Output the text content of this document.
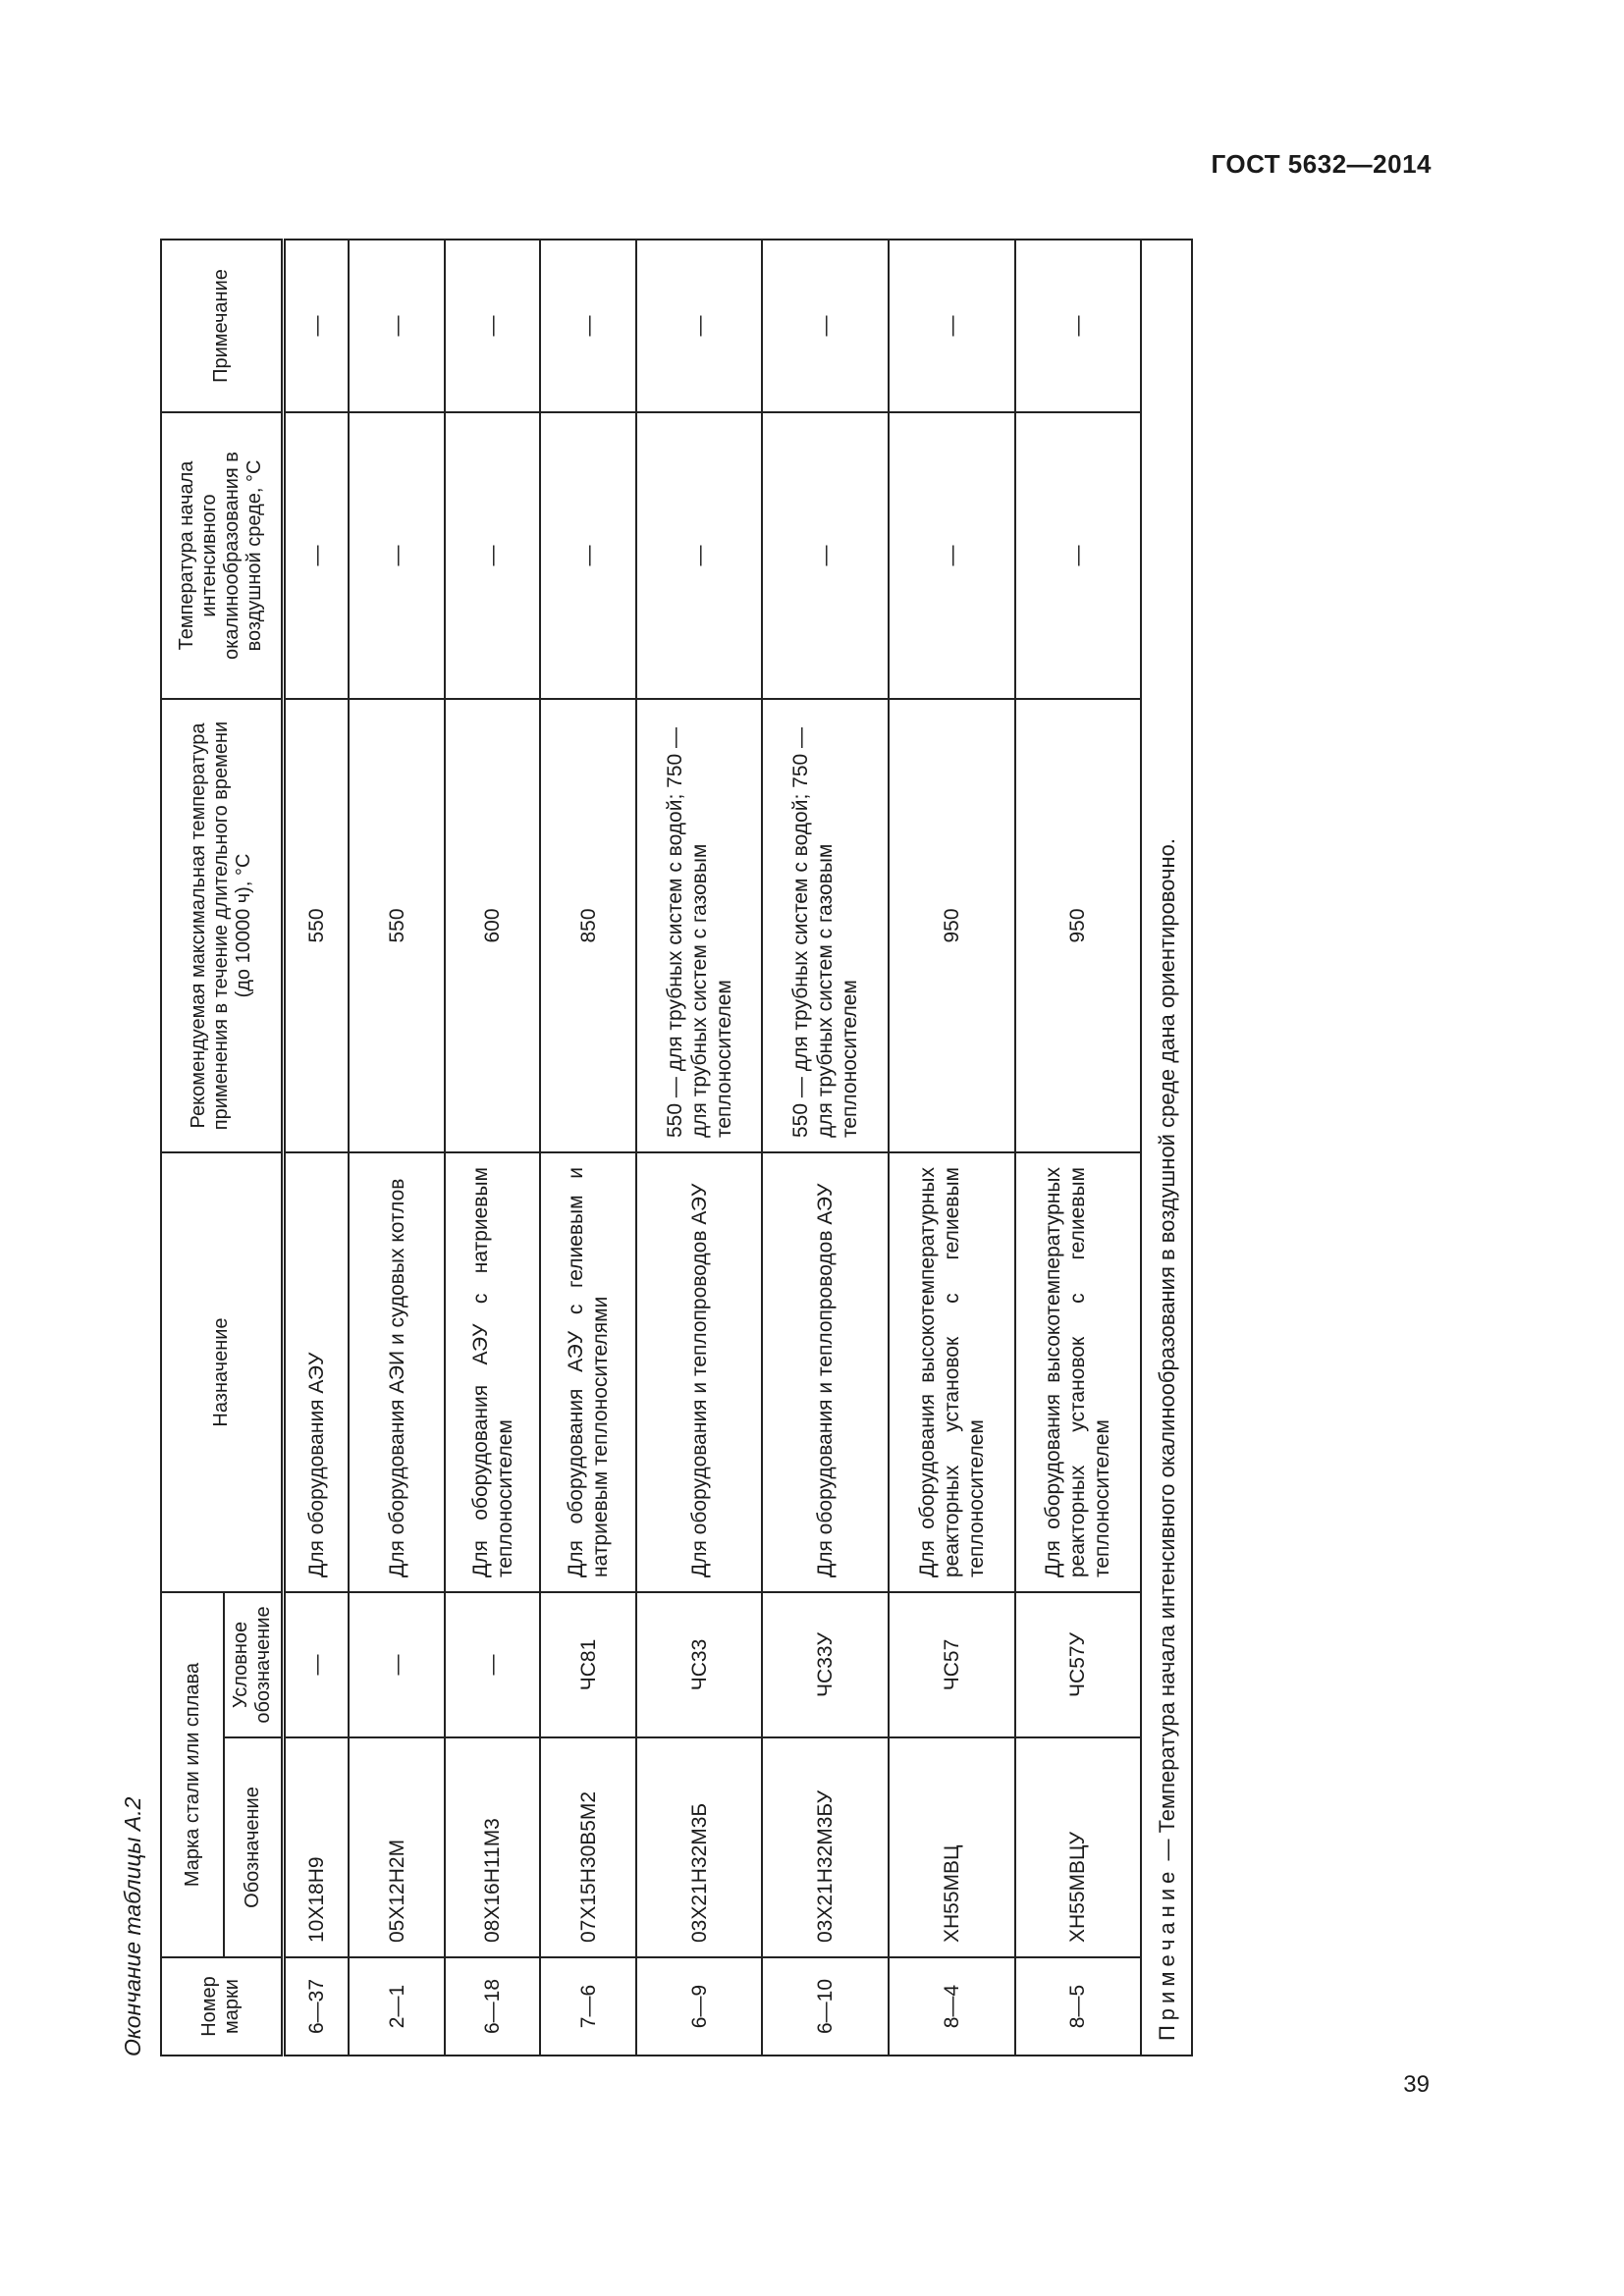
ГОСТ 5632—2014
Окончание таблицы А.2	Номер марки	Марка стали или сплава		Назначение	Рекомендуемая максимальная температура применения в течение длительного времени (до 10000 ч), °С	Температура начала интенсивного окалинообразования в воздушной среде, °С	Примечание
	Обозначение	Условное обозначение				
6—37	10Х18Н9	—	Для оборудования АЭУ	550	—	—
2—1	05Х12Н2М	—	Для оборудования АЭИ и судовых котлов	550	—	—
6—18	08Х16Н11М3	—	Для оборудования АЭУ с натриевым теплоносителем	600	—	—
7—6	07Х15Н30В5М2	ЧС81	Для оборудования АЭУ с гелиевым и натриевым теплоносителями	850	—	—
6—9	03Х21Н32М3Б	ЧС33	Для оборудования и теплопроводов АЭУ	550 — для трубных систем с водой; 750 — для трубных систем с газовым теплоносителем	—	—
6—10	03Х21Н32М3БУ	ЧС33У	Для оборудования и теплопроводов АЭУ	550 — для трубных систем с водой; 750 — для трубных систем с газовым теплоносителем	—	—
8—4	ХН55МВЦ	ЧС57	Для оборудования высокотемпературных реакторных установок с гелиевым теплоносителем	950	—	—
8—5	ХН55МВЦУ	ЧС57У	Для оборудования высокотемпературных реакторных установок с гелиевым теплоносителем	950	—	—
Примечание — Температура начала интенсивного окалинообразования в воздушной среде дана ориентировочно.						
39
